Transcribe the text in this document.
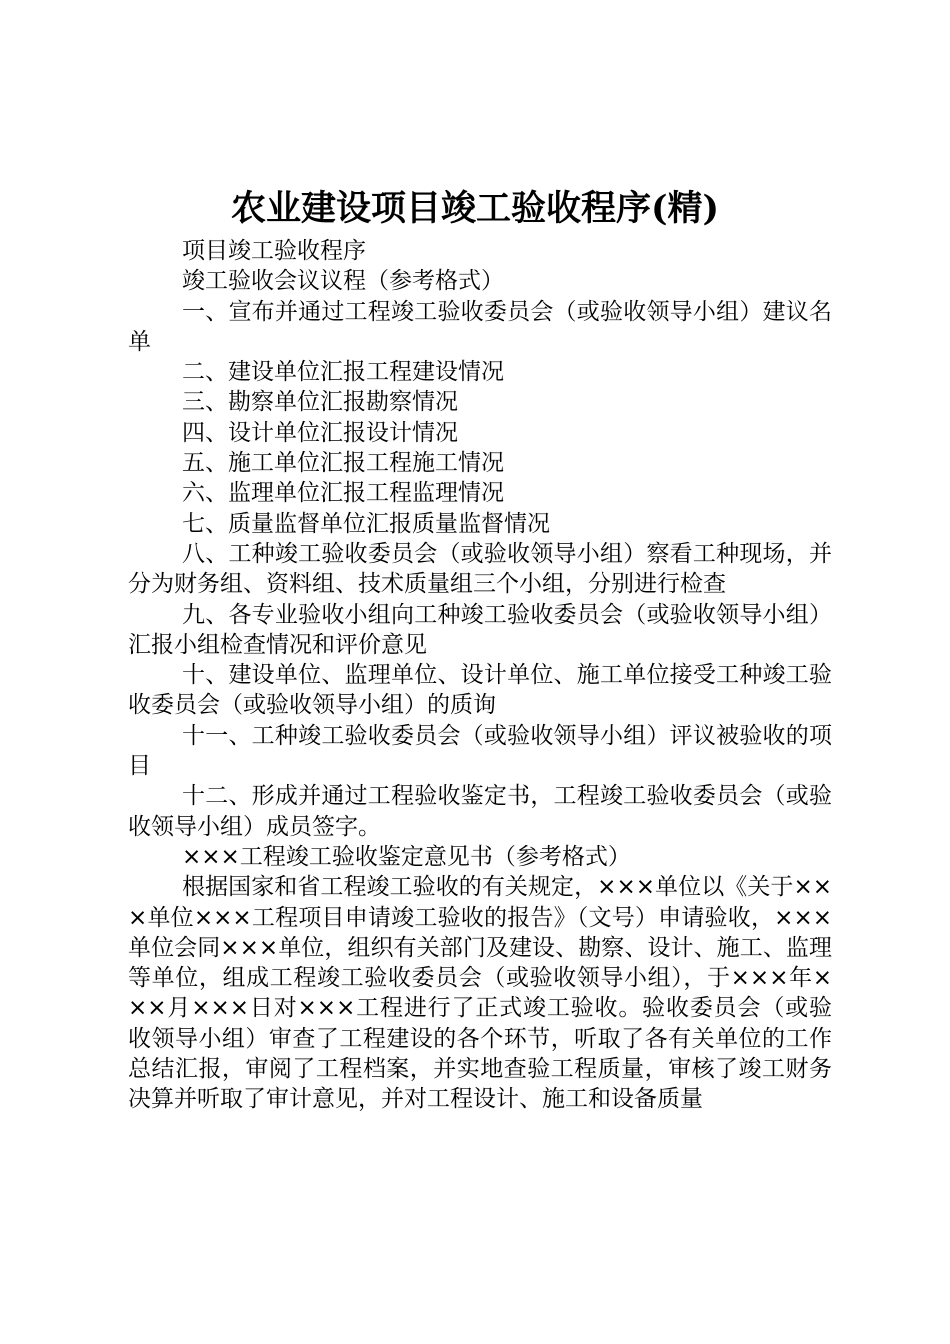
农业建设项目竣工验收程序(精)

项目竣工验收程序

竣工验收会议议程（参考格式）

一、宣布并通过工程竣工验收委员会（或验收领导小组）建议名单

二、建设单位汇报工程建设情况

三、勘察单位汇报勘察情况

四、设计单位汇报设计情况

五、施工单位汇报工程施工情况

六、监理单位汇报工程监理情况

七、质量监督单位汇报质量监督情况

八、工种竣工验收委员会（或验收领导小组）察看工种现场，并分为财务组、资料组、技术质量组三个小组，分别进行检查

九、各专业验收小组向工种竣工验收委员会（或验收领导小组）汇报小组检查情况和评价意见

十、建设单位、监理单位、设计单位、施工单位接受工种竣工验收委员会（或验收领导小组）的质询

十一、工种竣工验收委员会（或验收领导小组）评议被验收的项目

十二、形成并通过工程验收鉴定书，工程竣工验收委员会（或验收领导小组）成员签字。

×××工程竣工验收鉴定意见书（参考格式）

根据国家和省工程竣工验收的有关规定，×××单位以《关于×××单位×××工程项目申请竣工验收的报告》（文号）申请验收，×××单位会同×××单位，组织有关部门及建设、勘察、设计、施工、监理等单位，组成工程竣工验收委员会（或验收领导小组），于×××年×××月×××日对×××工程进行了正式竣工验收。验收委员会（或验收领导小组）审查了工程建设的各个环节，听取了各有关单位的工作总结汇报，审阅了工程档案，并实地查验工程质量，审核了竣工财务决算并听取了审计意见，并对工程设计、施工和设备质量
